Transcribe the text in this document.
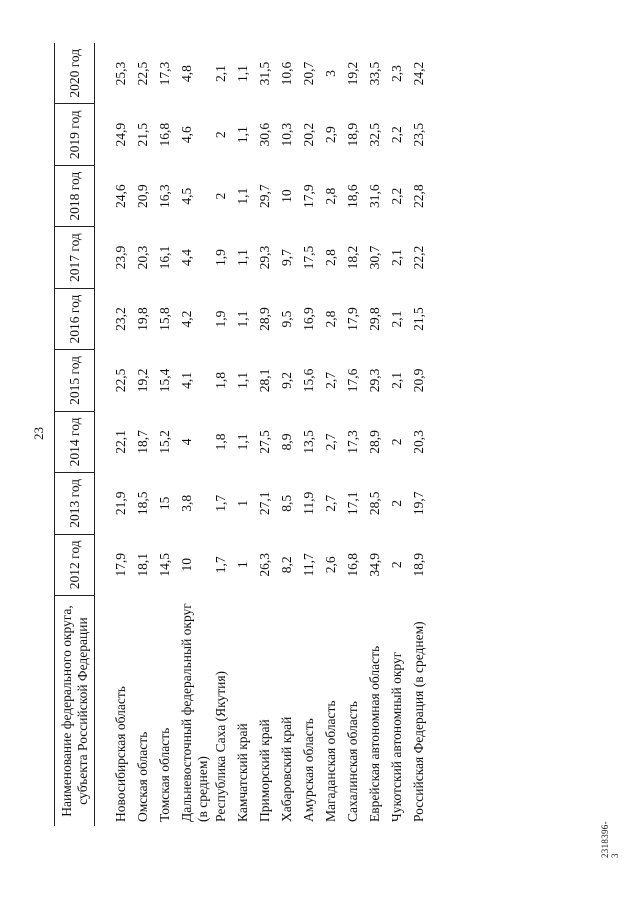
23
Наименование федерального округа, субъекта Российской Федерации	2012 год	2013 год	2014 год	2015 год	2016 год	2017 год	2018 год	2019 год	2020 год
Новосибирская область	17,9	21,9	22,1	22,5	23,2	23,9	24,6	24,9	25,3
Омская область	18,1	18,5	18,7	19,2	19,8	20,3	20,9	21,5	22,5
Томская область	14,5	15	15,2	15,4	15,8	16,1	16,3	16,8	17,3
Дальневосточный федеральный округ (в среднем)	10	3,8	4	4,1	4,2	4,4	4,5	4,6	4,8
Республика Саха (Якутия)	1,7	1,7	1,8	1,8	1,9	1,9	2	2	2,1
Камчатский край	1	1	1,1	1,1	1,1	1,1	1,1	1,1	1,1
Приморский край	26,3	27,1	27,5	28,1	28,9	29,3	29,7	30,6	31,5
Хабаровский край	8,2	8,5	8,9	9,2	9,5	9,7	10	10,3	10,6
Амурская область	11,7	11,9	13,5	15,6	16,9	17,5	17,9	20,2	20,7
Магаданская область	2,6	2,7	2,7	2,7	2,8	2,8	2,8	2,9	3
Сахалинская область	16,8	17,1	17,3	17,6	17,9	18,2	18,6	18,9	19,2
Еврейская автономная область	34,9	28,5	28,9	29,3	29,8	30,7	31,6	32,5	33,5
Чукотский автономный округ	2	2	2	2,1	2,1	2,1	2,2	2,2	2,3
Российская Федерация (в среднем)	18,9	19,7	20,3	20,9	21,5	22,2	22,8	23,5	24,2
2318396-3
